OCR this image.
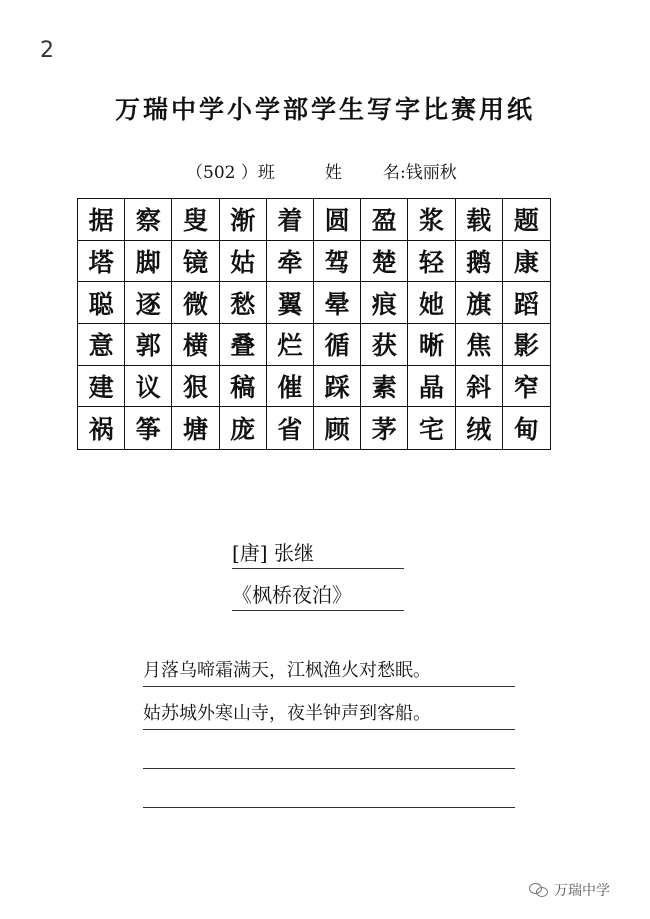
2
万瑞中学小学部学生写字比赛用纸
（502 ）班	姓 名:钱丽秋
据 察 叟 渐 着 圆 盈 浆 载 题
塔 脚 镜 姑 牵 驾 楚 轻 鹅 康
聪 逐 微 愁 翼 晕 痕 她 旗 蹈
意 郭 横 叠 烂 循 获 晰 焦 影
建 议 狠 稿 催 踩 素 晶 斜 窄
祸 筝 塘 庞 省 顾 茅 宅 绒 甸
[唐] 张继
《枫桥夜泊》
月落乌啼霜满天，江枫渔火对愁眠。
姑苏城外寒山寺，夜半钟声到客船。
万瑞中学
